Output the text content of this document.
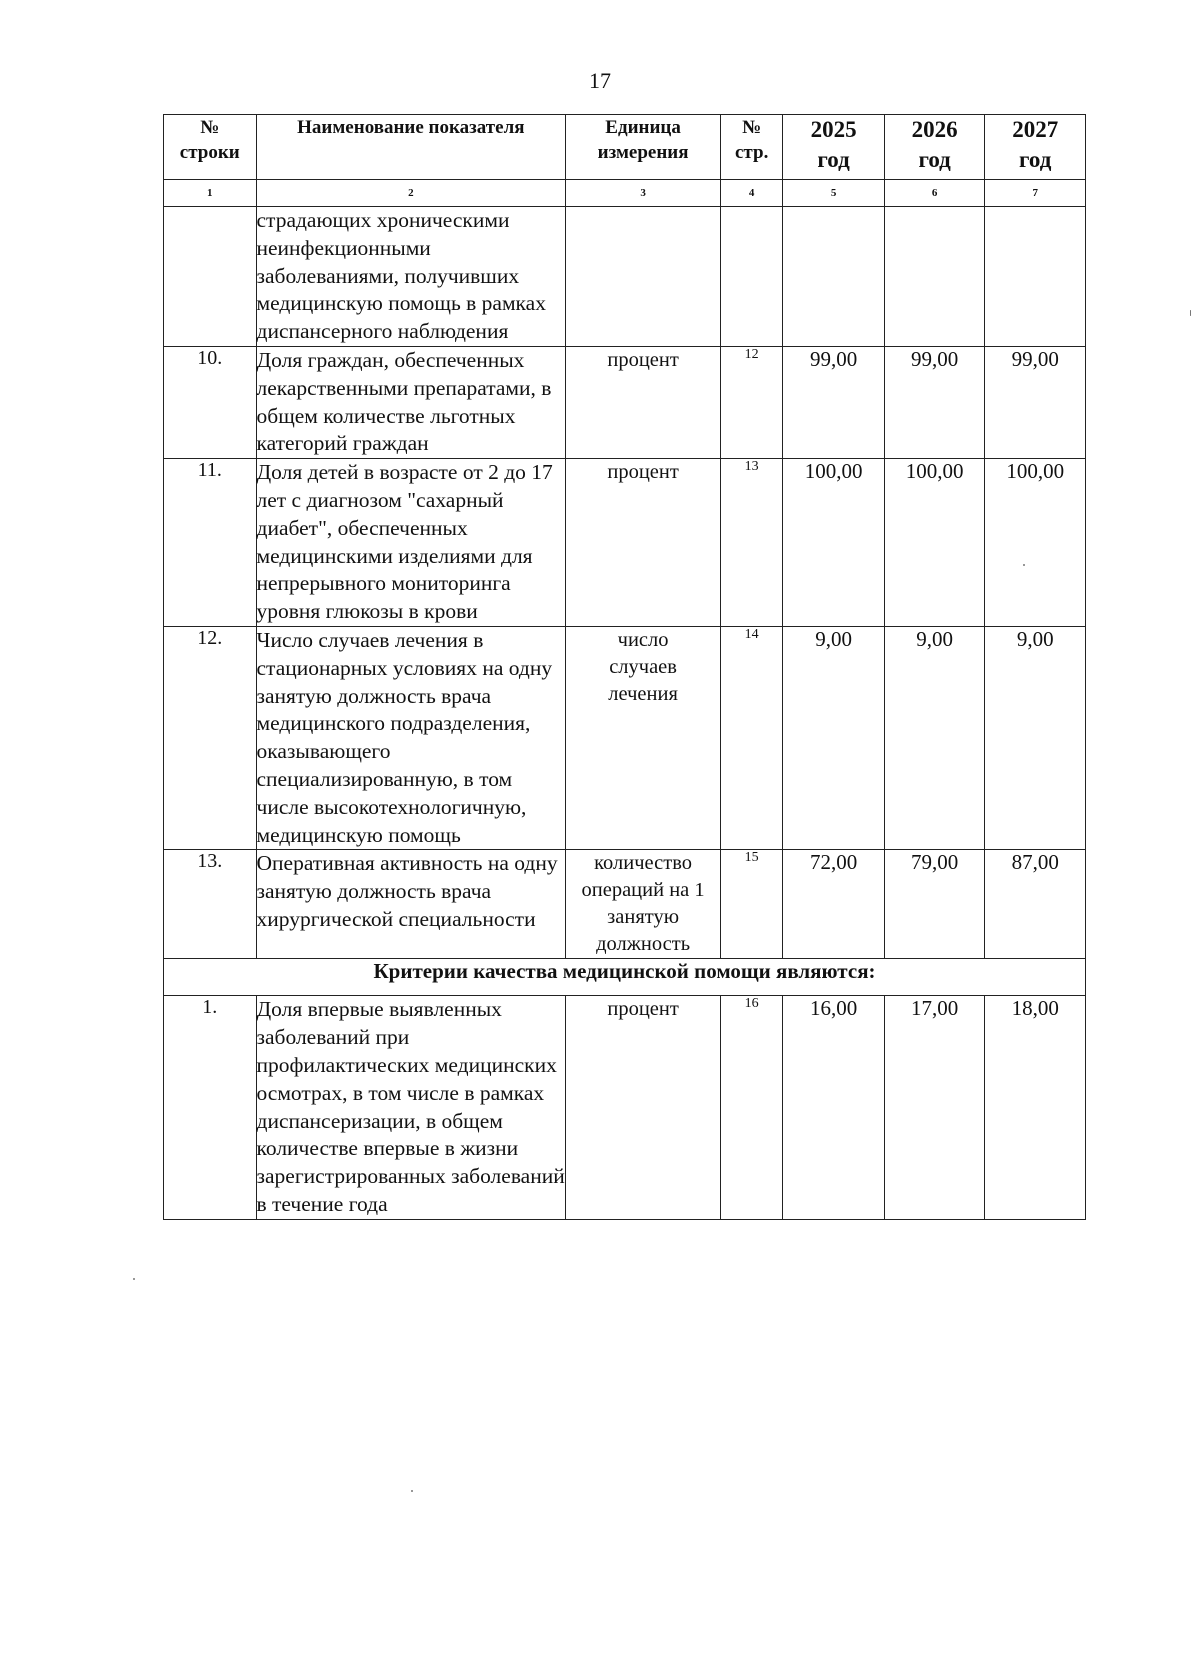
17
№
строки	Наименование показателя	Единица измерения	№ стр.	2025 год	2026 год	2027 год
1	2	3	4	5	6	7
	страдающих хроническими неинфекционными заболеваниями, получивших медицинскую помощь в рамках диспансерного наблюдения					
10.	Доля граждан, обеспеченных лекарственными препаратами, в общем количестве льготных категорий граждан	процент	12	99,00	99,00	99,00
11.	Доля детей в возрасте от 2 до 17 лет с диагнозом "сахарный диабет", обеспеченных медицинскими изделиями для непрерывного мониторинга уровня глюкозы в крови	процент	13	100,00	100,00	100,00
12.	Число случаев лечения в стационарных условиях на одну занятую должность врача медицинского подразделения, оказывающего специализированную, в том числе высокотехнологичную, медицинскую помощь	число случаев лечения	14	9,00	9,00	9,00
13.	Оперативная активность на одну занятую должность врача хирургической специальности	количество операций на 1 занятую должность	15	72,00	79,00	87,00
Критерии качества медицинской помощи являются:						
1.	Доля впервые выявленных заболеваний при профилактических медицинских осмотрах, в том числе в рамках диспансеризации, в общем количестве впервые в жизни зарегистрированных заболеваний в течение года	процент	16	16,00	17,00	18,00
